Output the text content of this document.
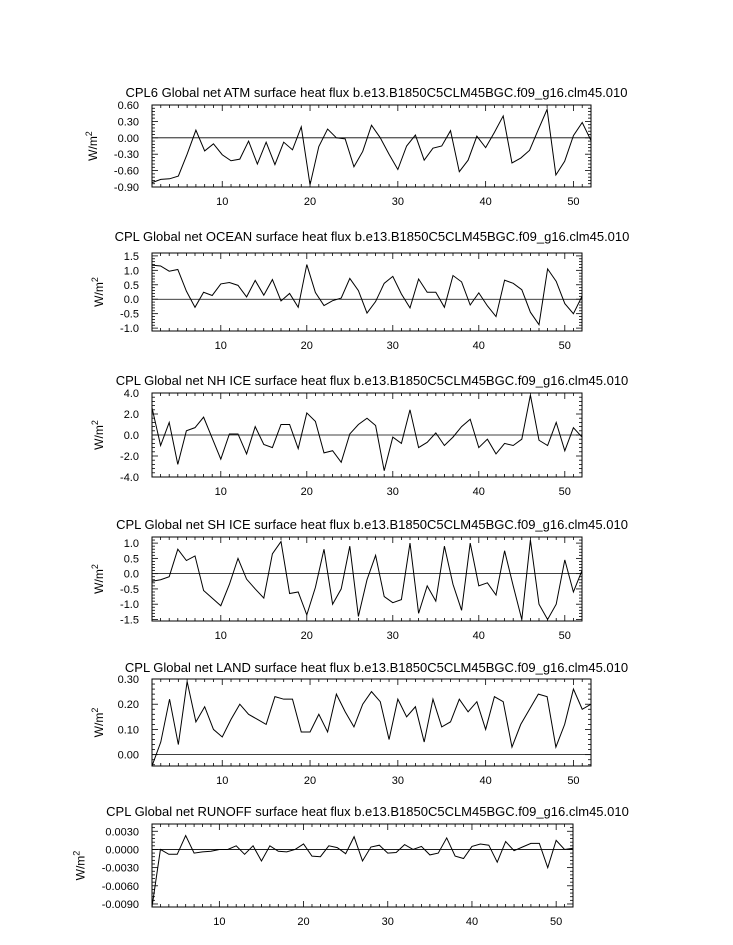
CPL6 Global net ATM surface heat flux b.e13.B1850C5CLM45BGC.f09_g16.clm45.010
10	20	30	40	50
-0.90
-0.60
-0.30
0.00
0.30
0.60
$W/m^2$
CPL Global net OCEAN surface heat flux b.e13.B1850C5CLM45BGC.f09_g16.clm45.010
10	20	30	40	50
-1.0
-0.5
0.0
0.5
1.0
1.5
$W/m^2$
CPL Global net NH ICE surface heat flux b.e13.B1850C5CLM45BGC.f09_g16.clm45.010
10	20	30	40	50
-4.0
-2.0
0.0
2.0
4.0
$W/m^2$
CPL Global net SH ICE surface heat flux b.e13.B1850C5CLM45BGC.f09_g16.clm45.010
10	20	30	40	50
-1.5
-1.0
-0.5
0.0
0.5
1.0
$W/m^2$
CPL Global net LAND surface heat flux b.e13.B1850C5CLM45BGC.f09_g16.clm45.010
10	20	30	40	50
0.00
0.10
0.20
0.30
$W/m^2$
CPL Global net RUNOFF surface heat flux b.e13.B1850C5CLM45BGC.f09_g16.clm45.010
10	20	30	40	50
-0.0090
-0.0060
-0.0030
0.0000
0.0030
$W/m^2$
